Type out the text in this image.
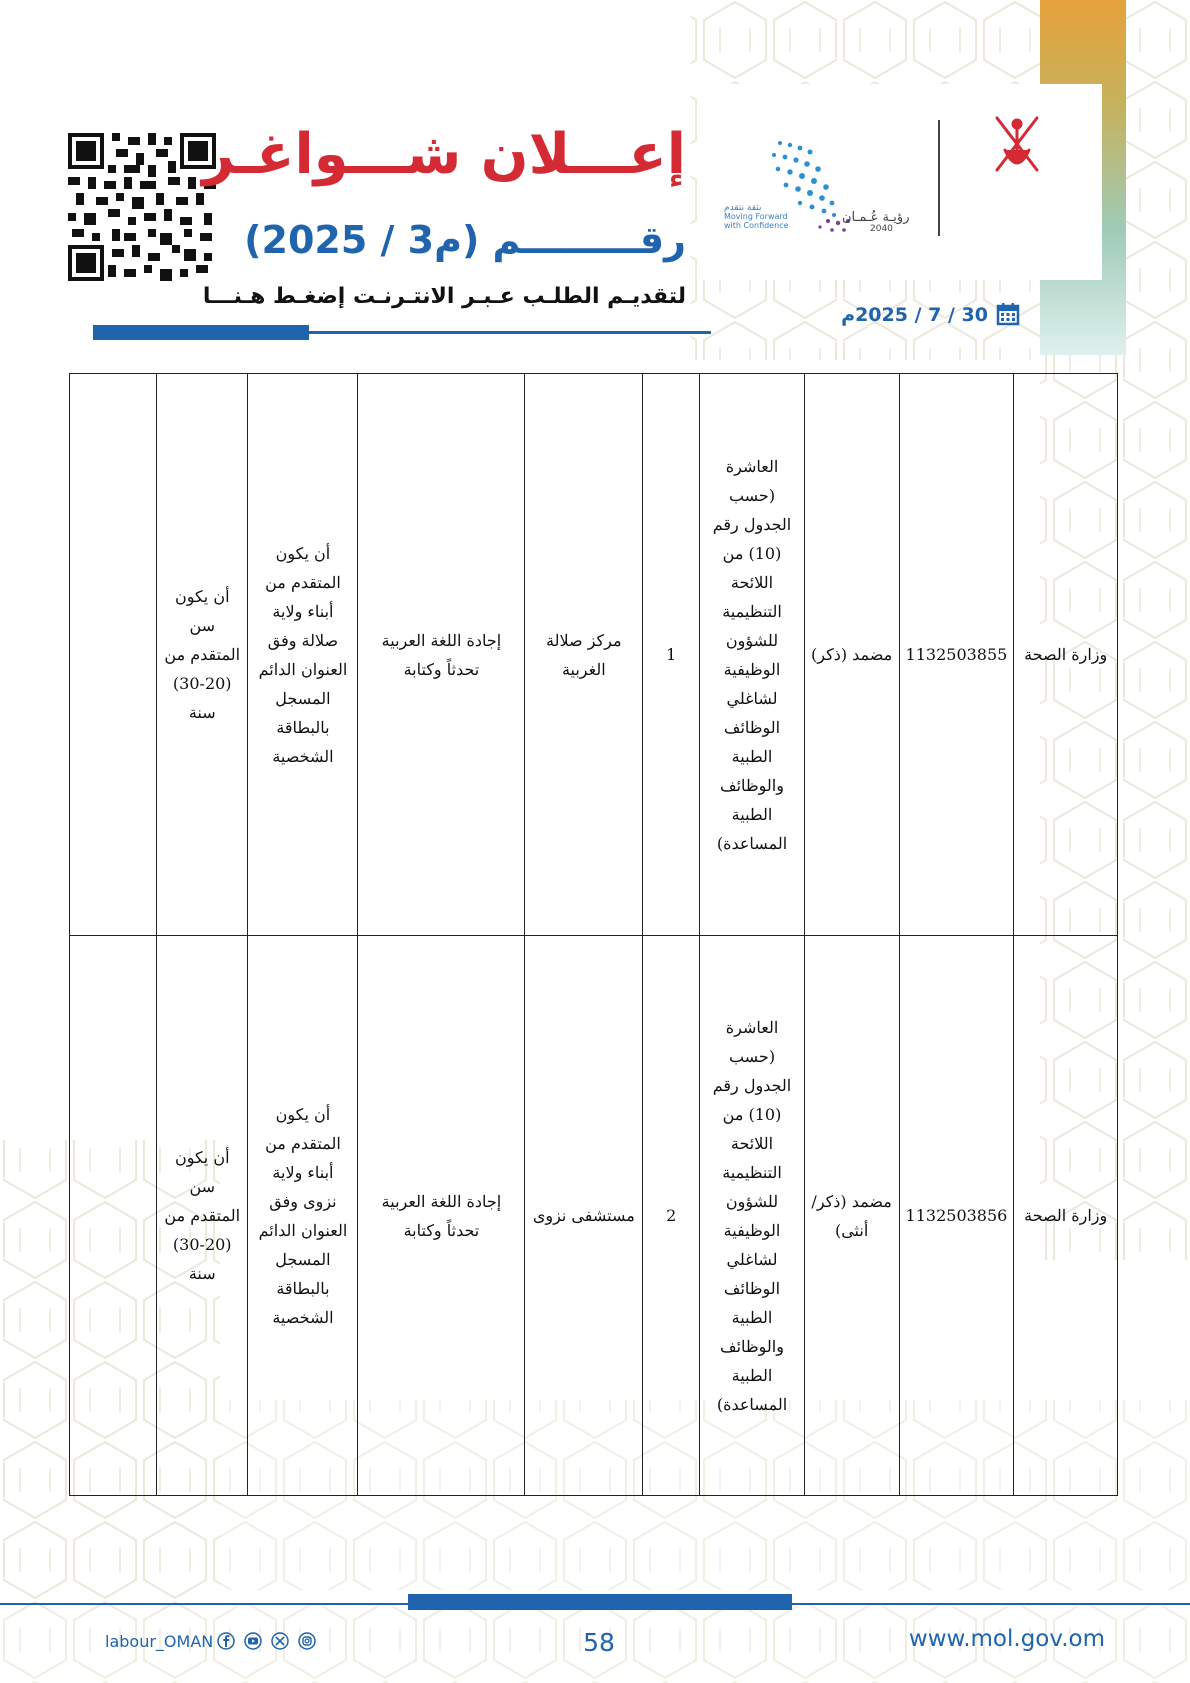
رؤيـة عُـمـان
2040
بثقة نتقدم
Moving Forward with Confidence
إعـــلان شـــواغـر
رقـــــــــم (م3 / 2025)
لتقديـم الطلـب عـبـر الانتـرنـت إضغـط هـنـــا
30 / 7 / 2025م
وزارة الصحة	1132503855	مضمد (ذكر)	العاشرة (حسب الجدول رقم (10) من اللائحة التنظيمية للشؤون الوظيفية لشاغلي الوظائف الطبية والوظائف الطبية المساعدة)	1	مركز صلالة الغربية	إجادة اللغة العربية تحدثاً وكتابة	أن يكون المتقدم من أبناء ولاية صلالة وفق العنوان الدائم المسجل بالبطاقة الشخصية	أن يكون سن المتقدم من (20-30) سنة	
وزارة الصحة	1132503856	مضمد (ذكر/ أنثى)	العاشرة (حسب الجدول رقم (10) من اللائحة التنظيمية للشؤون الوظيفية لشاغلي الوظائف الطبية والوظائف الطبية المساعدة)	2	مستشفى نزوى	إجادة اللغة العربية تحدثاً وكتابة	أن يكون المتقدم من أبناء ولاية نزوى وفق العنوان الدائم المسجل بالبطاقة الشخصية	أن يكون سن المتقدم من (20-30) سنة	
58	www.mol.gov.om
labour_OMAN
